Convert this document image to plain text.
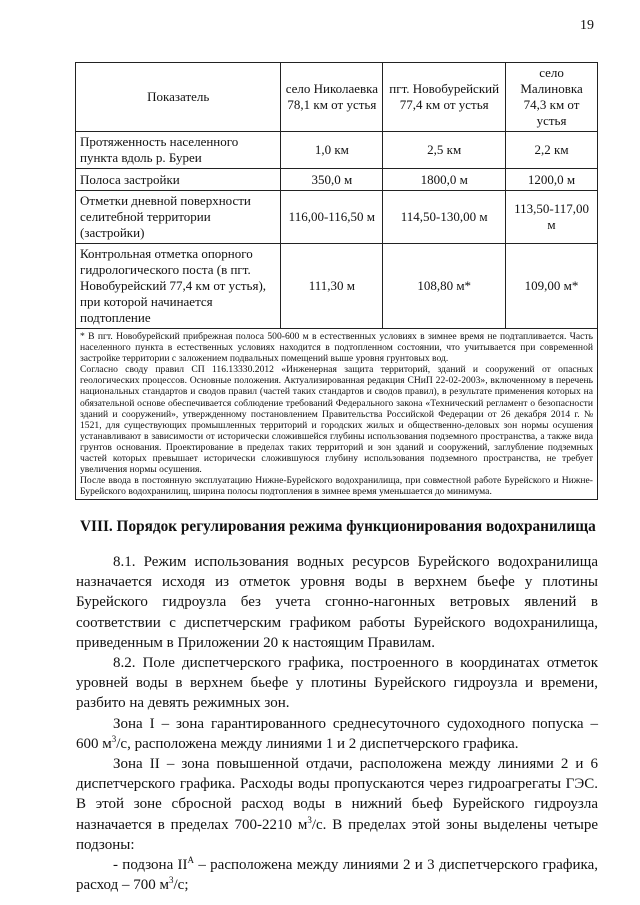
19
Показатель	село Николаевка 78,1 км от устья	пгт. Новобурейский 77,4 км от устья	село Малиновка 74,3 км от устья
Протяженность населенного пункта вдоль р. Буреи	1,0 км	2,5 км	2,2 км
Полоса застройки	350,0 м	1800,0 м	1200,0 м
Отметки дневной поверхности селитебной территории (застройки)	116,00-116,50 м	114,50-130,00 м	113,50-117,00 м
Контрольная отметка опорного гидрологического поста (в пгт. Новобурейский 77,4 км от устья), при которой начинается подтопление	111,30 м	108,80 м*	109,00 м*

* В пгт. Новобурейский прибрежная полоса 500-600 м в естественных условиях в зимнее время не подтапливается. Часть населенного пункта в естественных условиях находится в подтопленном состоянии, что учитывается при современной застройке территории с заложением подвальных помещений выше уровня грунтовых вод.

Согласно своду правил СП 116.13330.2012 «Инженерная защита территорий, зданий и сооружений от опасных геологических процессов. Основные положения. Актуализированная редакция СНиП 22-02-2003», включенному в перечень национальных стандартов и сводов правил (частей таких стандартов и сводов правил), в результате применения которых на обязательной основе обеспечивается соблюдение требований Федерального закона «Технический регламент о безопасности зданий и сооружений», утвержденному постановлением Правительства Российской Федерации от 26 декабря 2014 г. № 1521, для существующих промышленных территорий и городских жилых и общественно-деловых зон нормы осушения устанавливают в зависимости от исторически сложившейся глубины использования подземного пространства, а также вида грунтов основания. Проектирование в пределах таких территорий и зон зданий и сооружений, заглубление подземных частей которых превышает исторически сложившуюся глубину использования подземного пространства, не требует увеличения нормы осушения.

После ввода в постоянную эксплуатацию Нижне-Бурейского водохранилища, при совместной работе Бурейского и Нижне-Бурейского водохранилищ, ширина полосы подтопления в зимнее время уменьшается до минимума.			

VIII. Порядок регулирования режима функционирования водохранилища

8.1. Режим использования водных ресурсов Бурейского водохранилища назначается исходя из отметок уровня воды в верхнем бьефе у плотины Бурейского гидроузла без учета сгонно-нагонных ветровых явлений в соответствии с диспетчерским графиком работы Бурейского водохранилища, приведенным в Приложении 20 к настоящим Правилам.

8.2. Поле диспетчерского графика, построенного в координатах отметок уровней воды в верхнем бьефе у плотины Бурейского гидроузла и времени, разбито на девять режимных зон.

Зона I – зона гарантированного среднесуточного судоходного попуска – 600 $м^3/с$, расположена между линиями 1 и 2 диспетчерского графика.

Зона II – зона повышенной отдачи, расположена между линиями 2 и 6 диспетчерского графика. Расходы воды пропускаются через гидроагрегаты ГЭС. В этой зоне сбросной расход воды в нижний бьеф Бурейского гидроузла назначается в пределах 700-2210 $м^3/с$. В пределах этой зоны выделены четыре подзоны:

- подзона $II^А$ – расположена между линиями 2 и 3 диспетчерского графика, расход – 700 $м^3/с$;
